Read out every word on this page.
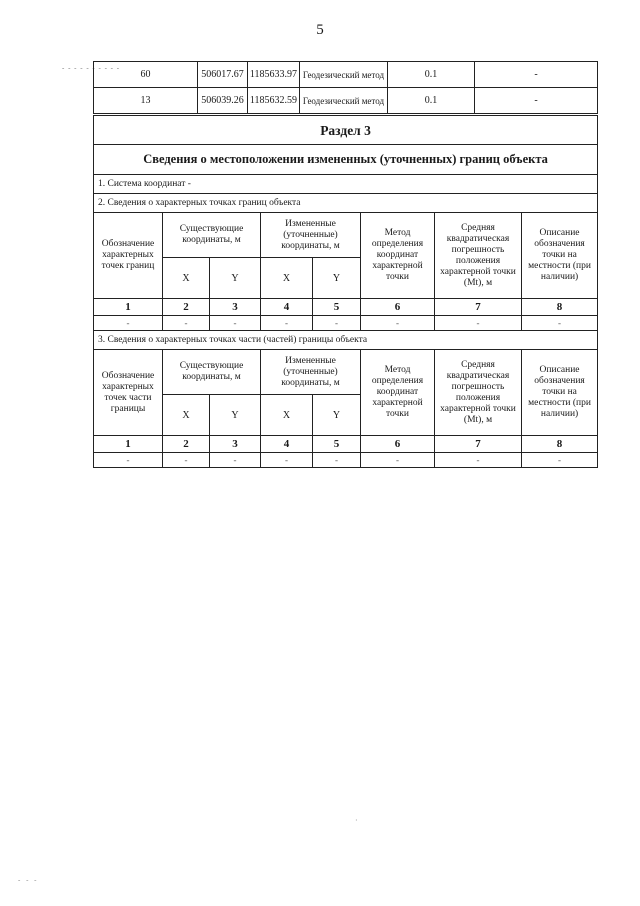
5
- - - - - - - - - -
60	506017.67	1185633.97	Геодезический метод	0.1	-
13	506039.26	1185632.59	Геодезический метод	0.1	-
Раздел 3							
Сведения о местоположении измененных (уточненных) границ объекта							
1. Система координат -							
2. Сведения о характерных точках границ объекта							
Обозначение характерных точек границ	Существующие координаты, м		Измененные (уточненные) координаты, м		Метод определения координат характерной точки	Средняя квадратическая погрешность положения характерной точки (Mt), м	Описание обозначения точки на местности (при наличии)
	X	Y	X	Y			
1	2	3	4	5	6	7	8
-	-	-	-	-	-	-	-
3. Сведения о характерных точках части (частей) границы объекта							
Обозначение характерных точек части границы	Существующие координаты, м		Измененные (уточненные) координаты, м		Метод определения координат характерной точки	Средняя квадратическая погрешность положения характерной точки (Mt), м	Описание обозначения точки на местности (при наличии)
	X	Y	X	Y			
1	2	3	4	5	6	7	8
-	-	-	-	-	-	-	-
·
- - -
